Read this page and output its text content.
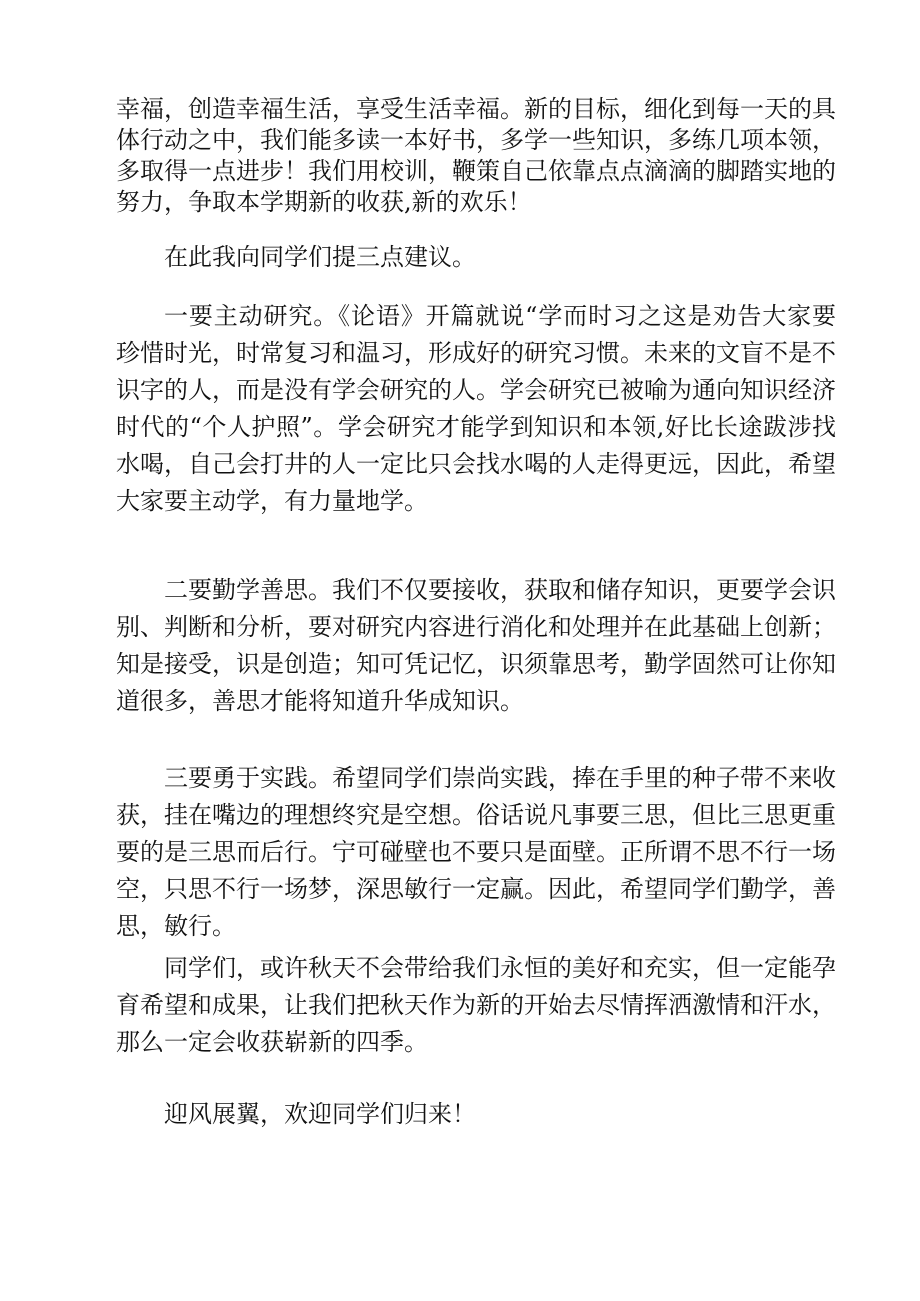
幸福，创造幸福生活，享受生活幸福。新的目标，细化到每一天的具体行动之中，我们能多读一本好书，多学一些知识，多练几项本领，多取得一点进步！我们用校训，鞭策自己依靠点点滴滴的脚踏实地的努力，争取本学期新的收获,新的欢乐！

在此我向同学们提三点建议。

一要主动研究。《论语》开篇就说“学而时习之这是劝告大家要珍惜时光，时常复习和温习，形成好的研究习惯。未来的文盲不是不识字的人，而是没有学会研究的人。学会研究已被喻为通向知识经济时代的“个人护照”。学会研究才能学到知识和本领,好比长途跋涉找水喝，自己会打井的人一定比只会找水喝的人走得更远，因此，希望大家要主动学，有力量地学。

二要勤学善思。我们不仅要接收，获取和储存知识，更要学会识别、判断和分析，要对研究内容进行消化和处理并在此基础上创新；知是接受，识是创造；知可凭记忆，识须靠思考，勤学固然可让你知道很多，善思才能将知道升华成知识。

三要勇于实践。希望同学们崇尚实践，捧在手里的种子带不来收获，挂在嘴边的理想终究是空想。俗话说凡事要三思，但比三思更重要的是三思而后行。宁可碰壁也不要只是面壁。正所谓不思不行一场空，只思不行一场梦，深思敏行一定赢。因此，希望同学们勤学，善思，敏行。

同学们，或许秋天不会带给我们永恒的美好和充实，但一定能孕育希望和成果，让我们把秋天作为新的开始去尽情挥洒激情和汗水，那么一定会收获崭新的四季。

迎风展翼，欢迎同学们归来！
